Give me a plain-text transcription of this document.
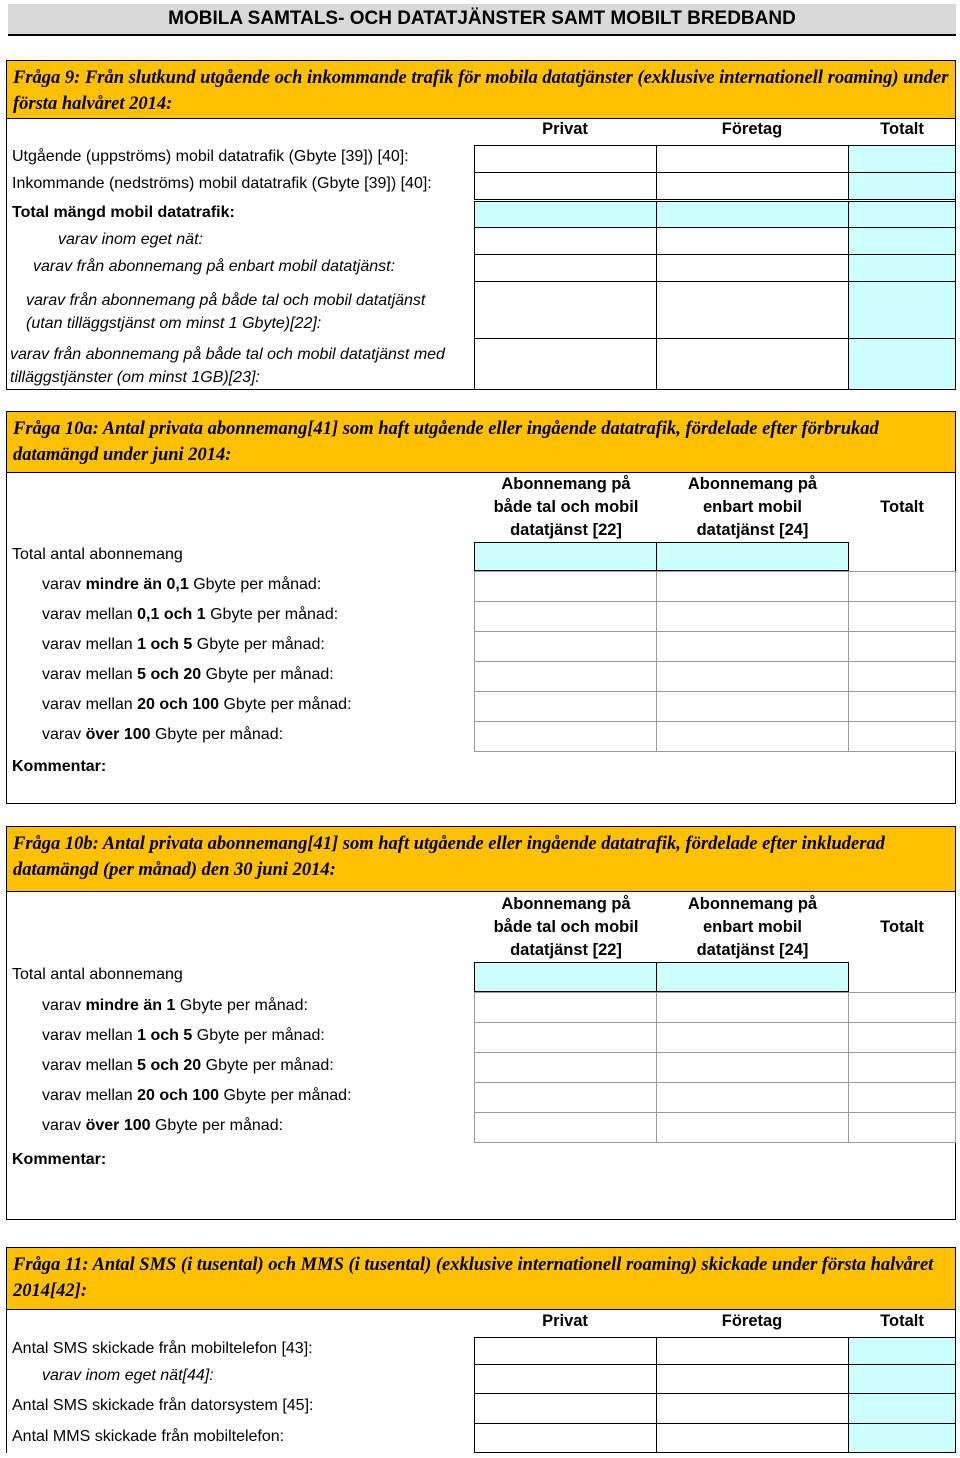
MOBILA SAMTALS- OCH DATATJÄNSTER SAMT MOBILT BREDBAND
Fråga 9: Från slutkund utgående och inkommande trafik för mobila datatjänster (exklusive internationell roaming) under första halvåret 2014:
Privat	Företag	Totalt
Utgående (uppströms) mobil datatrafik (Gbyte [39]) [40]:
Inkommande (nedströms) mobil datatrafik (Gbyte [39]) [40]:
Total mängd mobil datatrafik:
varav inom eget nät:
varav från abonnemang på enbart mobil datatjänst:
varav från abonnemang på både tal och mobil datatjänst (utan tilläggstjänst om minst 1 Gbyte)[22]:
varav från abonnemang på både tal och mobil datatjänst med tilläggstjänster (om minst 1GB)[23]:
Fråga 10a: Antal privata abonnemang[41] som haft utgående eller ingående datatrafik, fördelade efter förbrukad datamängd under juni 2014:
Abonnemang på både tal och mobil datatjänst [22]
Abonnemang på enbart mobil datatjänst [24]
Totalt
Total antal abonnemang
varav mindre än 0,1 Gbyte per månad:
varav mellan 0,1 och 1 Gbyte per månad:
varav mellan 1 och 5 Gbyte per månad:
varav mellan 5 och 20 Gbyte per månad:
varav mellan 20 och 100 Gbyte per månad:
varav över 100 Gbyte per månad:
Kommentar:
Fråga 10b: Antal privata abonnemang[41] som haft utgående eller ingående datatrafik, fördelade efter inkluderad datamängd (per månad) den 30 juni 2014:
Abonnemang på både tal och mobil datatjänst [22]
Abonnemang på enbart mobil datatjänst [24]
Totalt
Total antal abonnemang
varav mindre än 1 Gbyte per månad:
varav mellan 1 och 5 Gbyte per månad:
varav mellan 5 och 20 Gbyte per månad:
varav mellan 20 och 100 Gbyte per månad:
varav över 100 Gbyte per månad:
Kommentar:
Fråga 11: Antal SMS (i tusental) och MMS (i tusental) (exklusive internationell roaming) skickade under första halvåret 2014[42]:
Privat	Företag	Totalt
Antal SMS skickade från mobiltelefon [43]:
varav inom eget nät[44]:
Antal SMS skickade från datorsystem [45]:
Antal MMS skickade från mobiltelefon:
